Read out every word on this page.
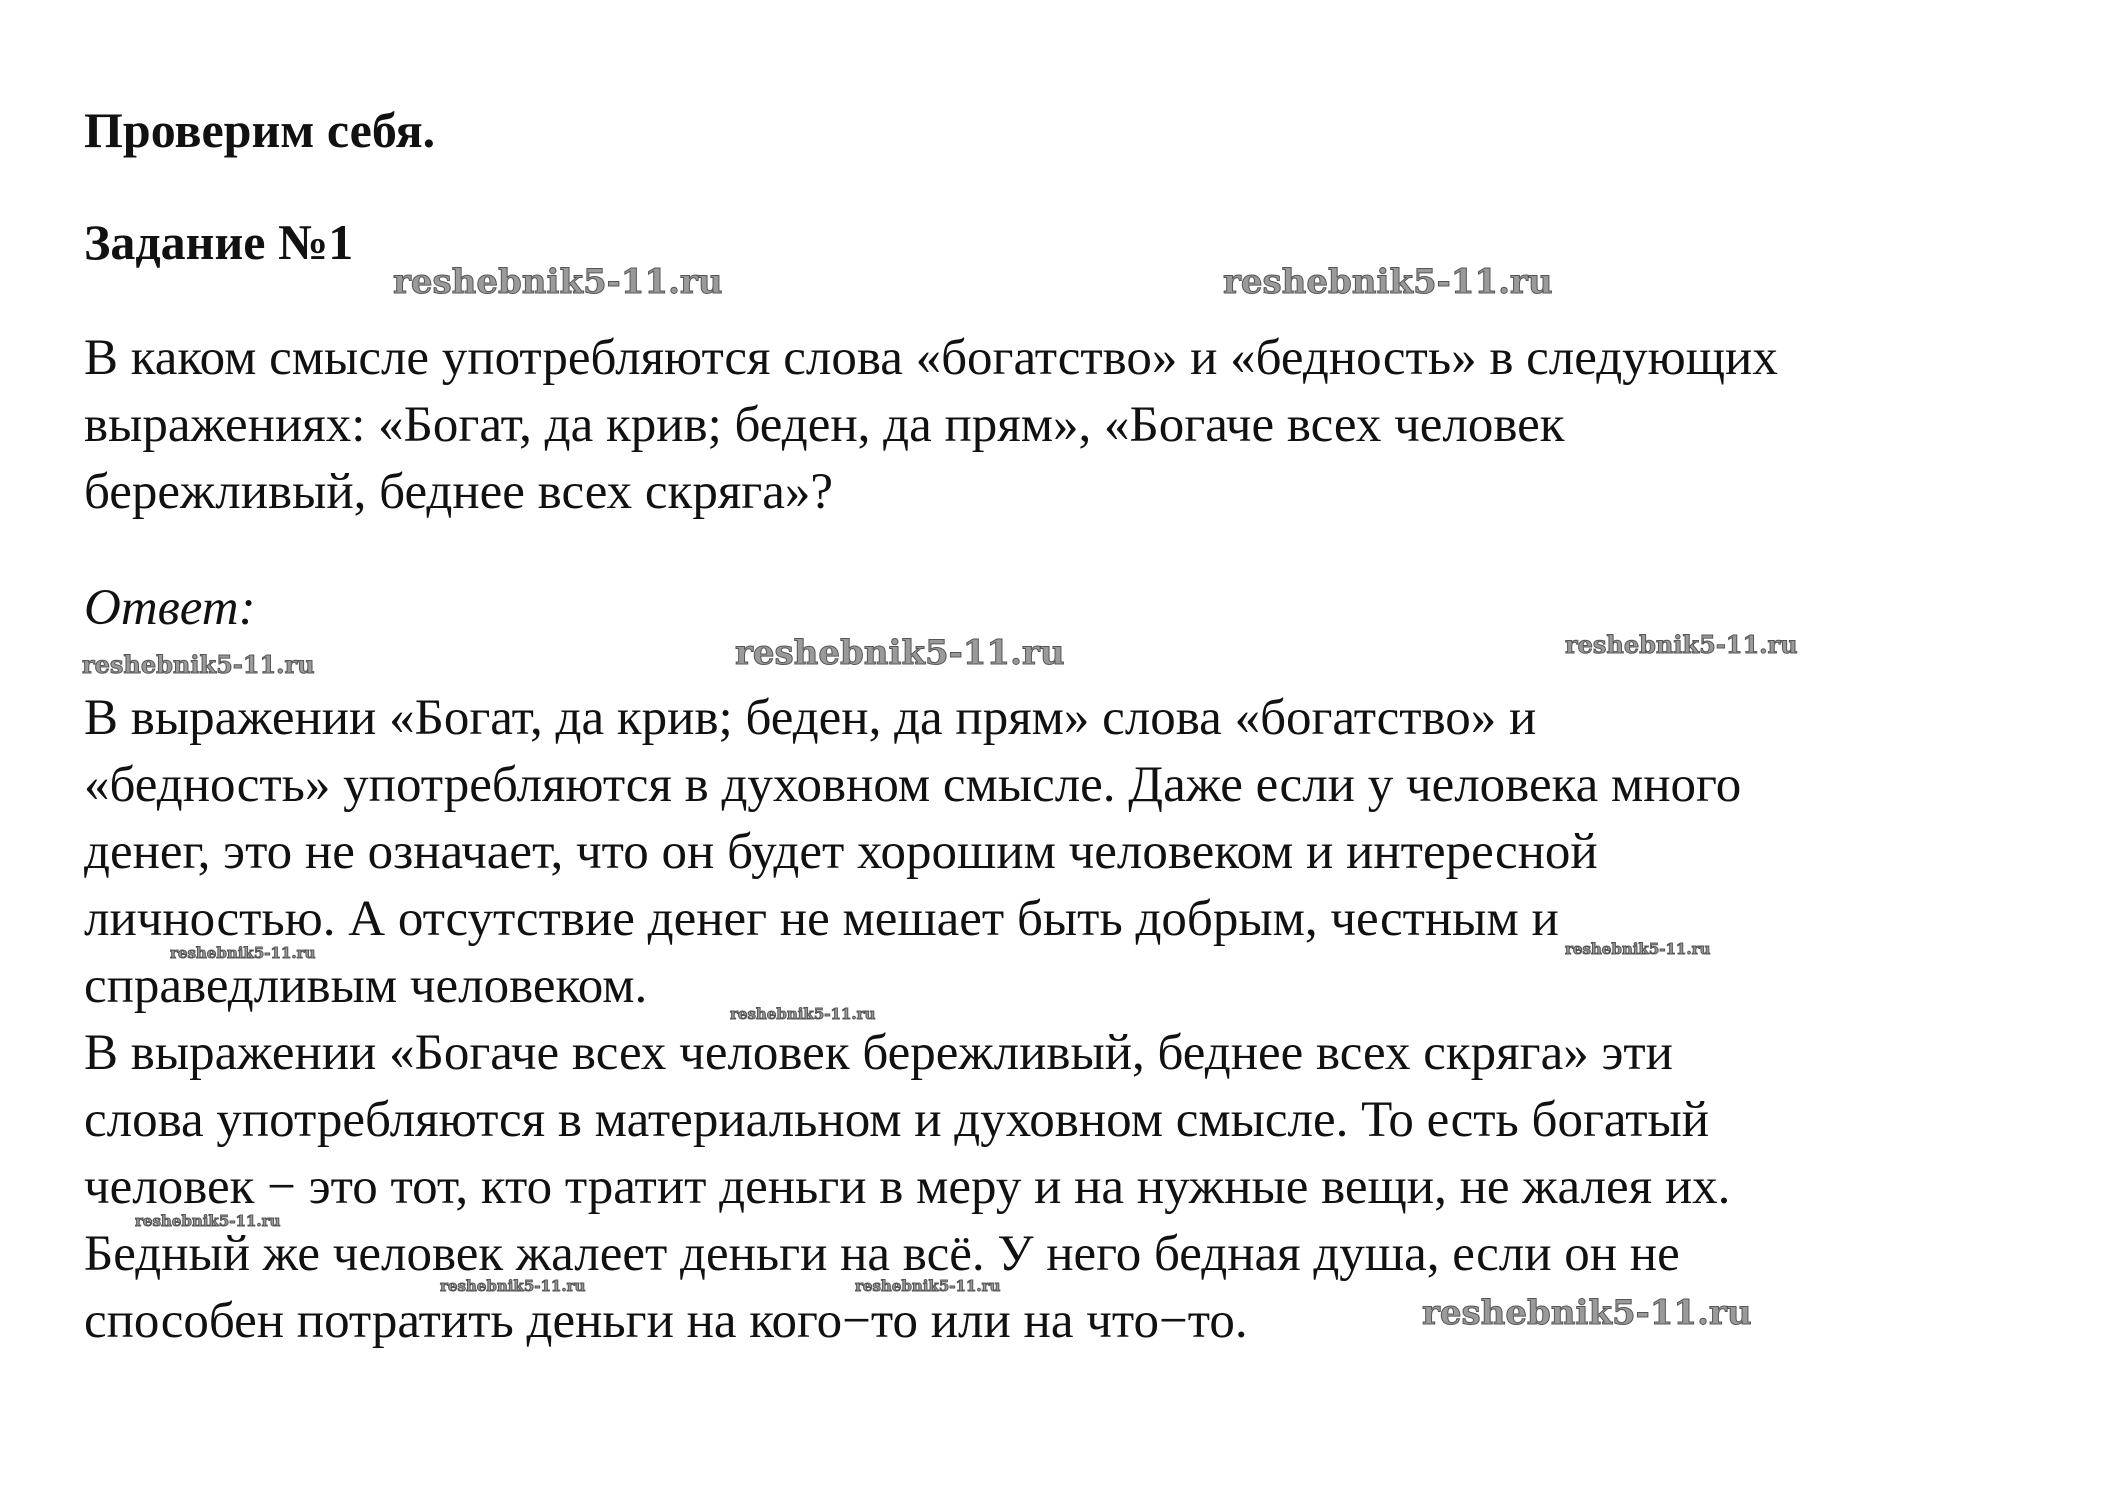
Проверим себя.
Задание №1
В каком смысле употребляются слова «богатство» и «бедность» в следующих
выражениях: «Богат, да крив; беден, да прям», «Богаче всех человек
бережливый, беднее всех скряга»?
Ответ:
В выражении «Богат, да крив; беден, да прям» слова «богатство» и
«бедность» употребляются в духовном смысле. Даже если у человека много
денег, это не означает, что он будет хорошим человеком и интересной
личностью. А отсутствие денег не мешает быть добрым, честным и
справедливым человеком.
В выражении «Богаче всех человек бережливый, беднее всех скряга» эти
слова употребляются в материальном и духовном смысле. То есть богатый
человек − это тот, кто тратит деньги в меру и на нужные вещи, не жалея их.
Бедный же человек жалеет деньги на всё. У него бедная душа, если он не
способен потратить деньги на кого−то или на что−то.
reshebnik5-11.ru	reshebnik5-11.ru
reshebnik5-11.ru	reshebnik5-11.ru	reshebnik5-11.ru
reshebnik5-11.ru	reshebnik5-11.ru
reshebnik5-11.ru
reshebnik5-11.ru
reshebnik5-11.ru	reshebnik5-11.ru
reshebnik5-11.ru
